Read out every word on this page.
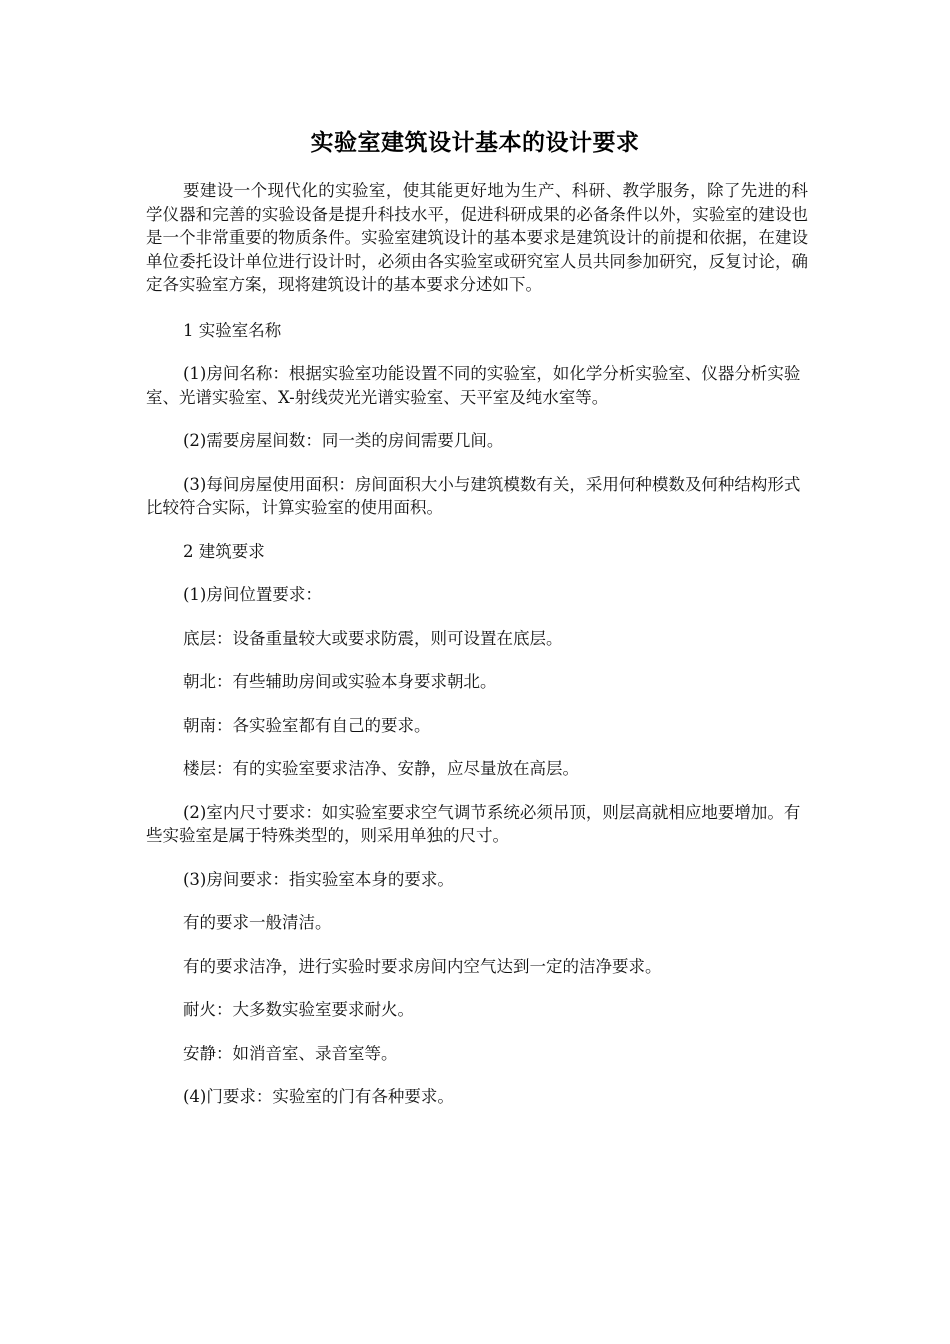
实验室建筑设计基本的设计要求

要建设一个现代化的实验室，使其能更好地为生产、科研、教学服务，除了先进的科学仪器和完善的实验设备是提升科技水平，促进科研成果的必备条件以外，实验室的建设也是一个非常重要的物质条件。实验室建筑设计的基本要求是建筑设计的前提和依据，在建设单位委托设计单位进行设计时，必须由各实验室或研究室人员共同参加研究，反复讨论，确定各实验室方案，现将建筑设计的基本要求分述如下。

1 实验室名称

(1)房间名称：根据实验室功能设置不同的实验室，如化学分析实验室、仪器分析实验室、光谱实验室、X-射线荧光光谱实验室、天平室及纯水室等。

(2)需要房屋间数：同一类的房间需要几间。

(3)每间房屋使用面积：房间面积大小与建筑模数有关，采用何种模数及何种结构形式比较符合实际，计算实验室的使用面积。

2 建筑要求

(1)房间位置要求：

底层：设备重量较大或要求防震，则可设置在底层。

朝北：有些辅助房间或实验本身要求朝北。

朝南：各实验室都有自己的要求。

楼层：有的实验室要求洁净、安静，应尽量放在高层。

(2)室内尺寸要求：如实验室要求空气调节系统必须吊顶，则层高就相应地要增加。有些实验室是属于特殊类型的，则采用单独的尺寸。

(3)房间要求：指实验室本身的要求。

有的要求一般清洁。

有的要求洁净，进行实验时要求房间内空气达到一定的洁净要求。

耐火：大多数实验室要求耐火。

安静：如消音室、录音室等。

(4)门要求：实验室的门有各种要求。
